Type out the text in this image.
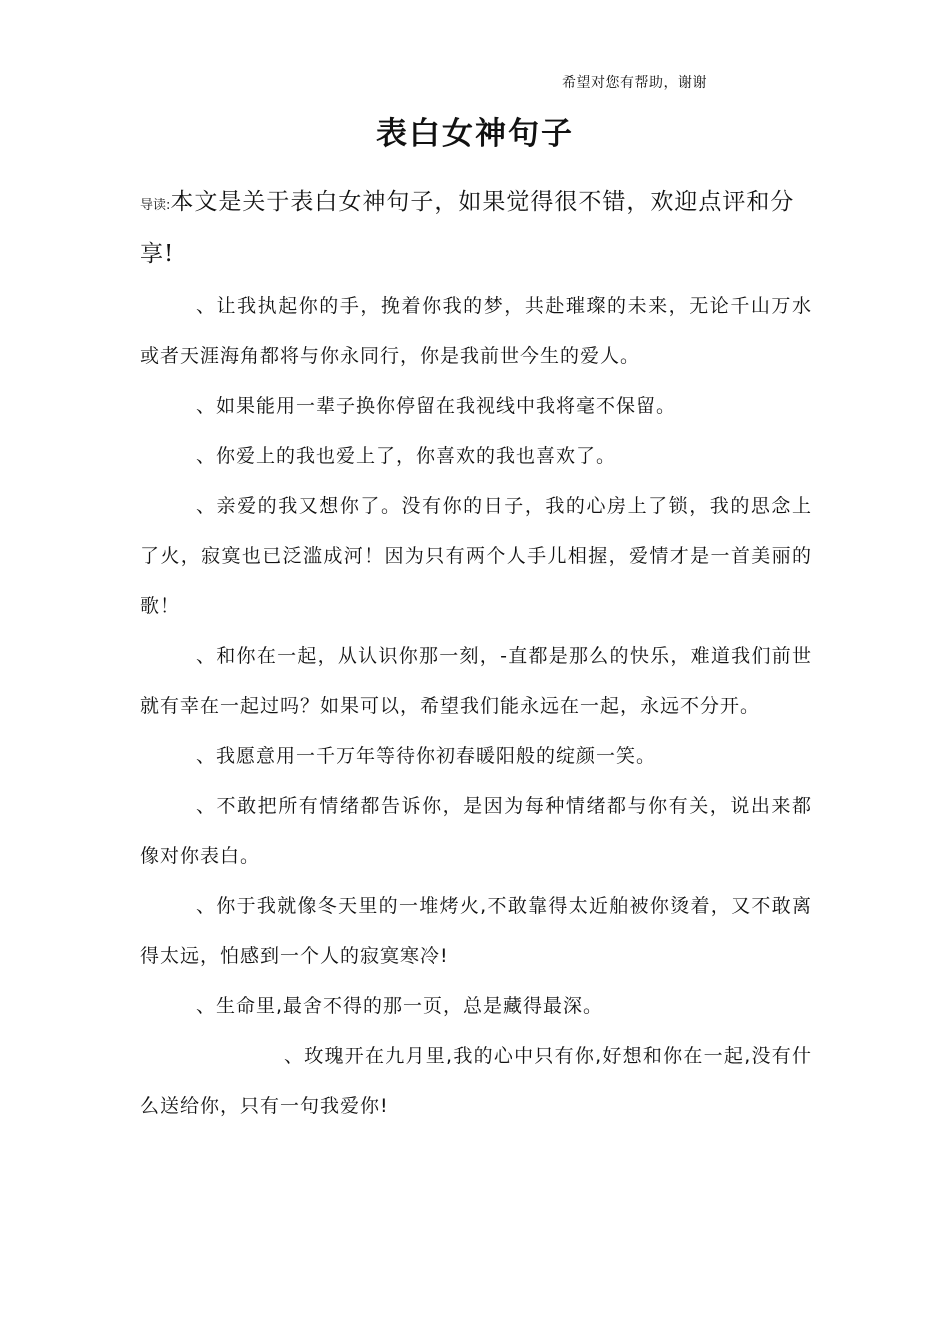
希望对您有帮助，谢谢
表白女神句子

导读:本文是关于表白女神句子，如果觉得很不错，欢迎点评和分享!

、让我执起你的手，挽着你我的梦，共赴璀璨的未来，无论千山万水或者天涯海角都将与你永同行，你是我前世今生的爱人。

、如果能用一辈子换你停留在我视线中我将毫不保留。

、你爱上的我也爱上了，你喜欢的我也喜欢了。

、亲爱的我又想你了。没有你的日子，我的心房上了锁，我的思念上了火，寂寞也已泛滥成河！因为只有两个人手儿相握，爱情才是一首美丽的歌！

、和你在一起，从认识你那一刻，-直都是那么的快乐，难道我们前世就有幸在一起过吗？如果可以，希望我们能永远在一起，永远不分开。

、我愿意用一千万年等待你初春暖阳般的绽颜一笑。

、不敢把所有情绪都告诉你，是因为每种情绪都与你有关，说出来都像对你表白。

、你于我就像冬天里的一堆烤火,不敢靠得太近舶被你烫着，又不敢离得太远，怕感到一个人的寂寞寒冷!

、生命里,最舍不得的那一页，总是藏得最深。

、玫瑰开在九月里,我的心中只有你,好想和你在一起,没有什么送给你，只有一句我爱你!
